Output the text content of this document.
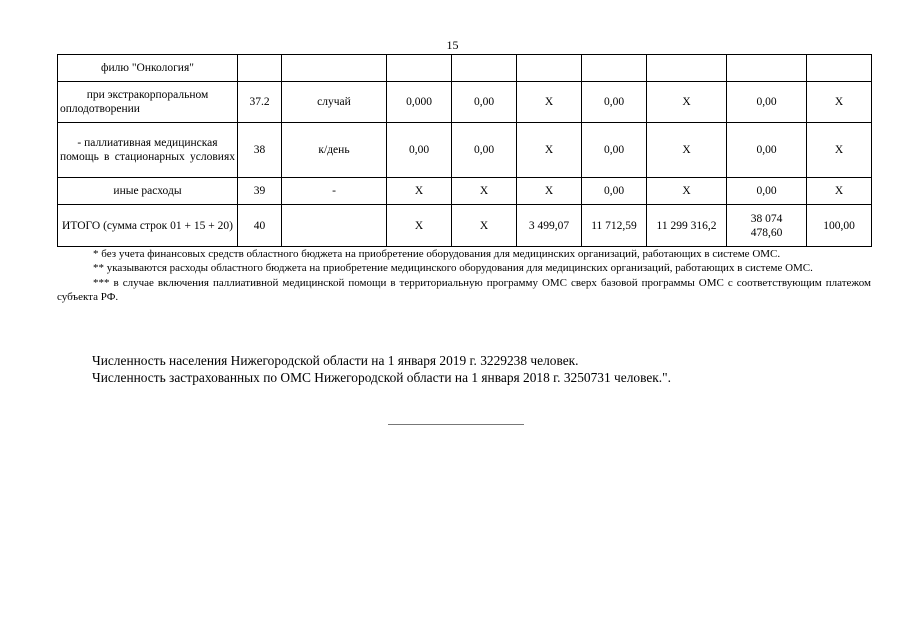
15
филю "Онкология"									
при экстракорпоральном оплодотворении	37.2	случай	0,000	0,00	X	0,00	X	0,00	X
- паллиативная медицинская помощь в стационарных условиях	38	к/день	0,00	0,00	X	0,00	X	0,00	X
иные расходы	39	-	X	X	X	0,00	X	0,00	X
ИТОГО (сумма строк 01 + 15 + 20)	40		X	X	3 499,07	11 712,59	11 299 316,2	38 074 478,60	100,00

* без учета финансовых средств областного бюджета на приобретение оборудования для медицинских организаций, работающих в системе ОМС.

** указываются расходы областного бюджета на приобретение медицинского оборудования для медицинских организаций, работающих в системе ОМС.

*** в случае включения паллиативной медицинской помощи в территориальную программу ОМС сверх базовой программы ОМС с соответствующим платежом субъекта РФ.

Численность населения Нижегородской области на 1 января 2019 г. 3229238 человек.
Численность застрахованных по ОМС Нижегородской области на 1 января 2018 г. 3250731 человек.".
